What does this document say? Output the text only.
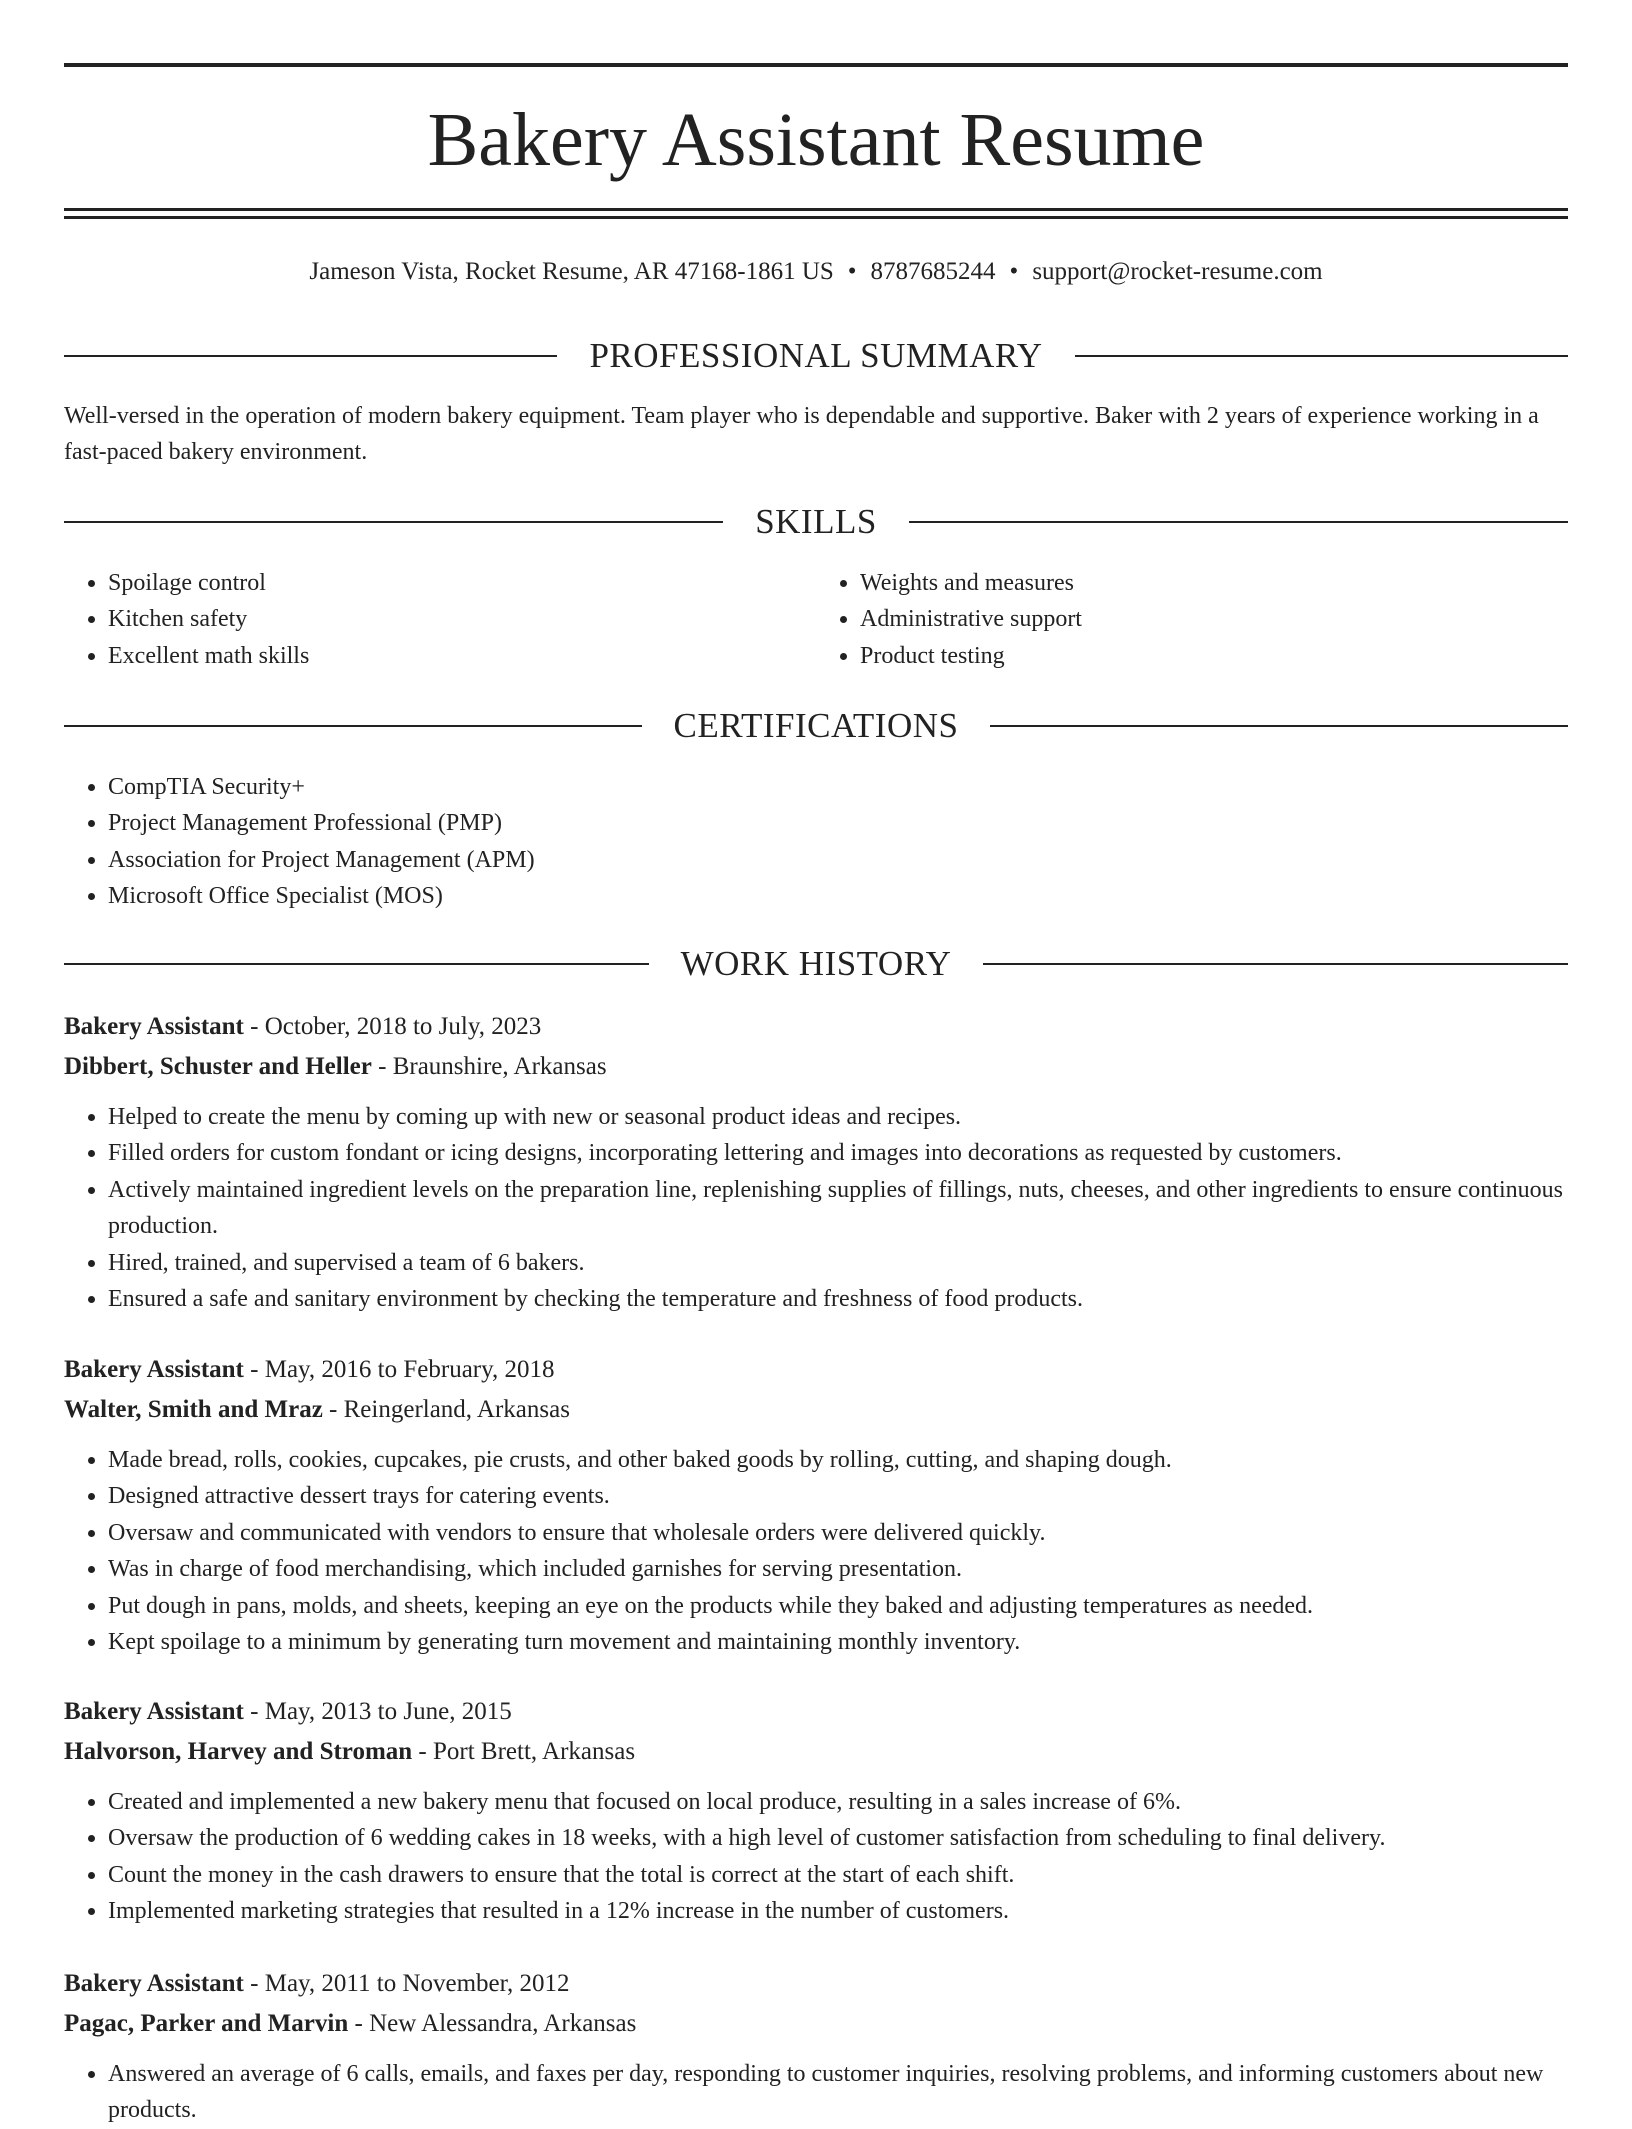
Bakery Assistant Resume
Jameson Vista, Rocket Resume, AR 47168-1861 US • 8787685244 • support@rocket-resume.com
PROFESSIONAL SUMMARY
Well-versed in the operation of modern bakery equipment. Team player who is dependable and supportive. Baker with 2 years of experience working in a fast-paced bakery environment.
SKILLS
• Spoilage control
• Kitchen safety
• Excellent math skills
• Weights and measures
• Administrative support
• Product testing
CERTIFICATIONS
• CompTIA Security+
• Project Management Professional (PMP)
• Association for Project Management (APM)
• Microsoft Office Specialist (MOS)
WORK HISTORY
Bakery Assistant - October, 2018 to July, 2023
Dibbert, Schuster and Heller - Braunshire, Arkansas
• Helped to create the menu by coming up with new or seasonal product ideas and recipes.
• Filled orders for custom fondant or icing designs, incorporating lettering and images into decorations as requested by customers.
• Actively maintained ingredient levels on the preparation line, replenishing supplies of fillings, nuts, cheeses, and other ingredients to ensure continuous production.
• Hired, trained, and supervised a team of 6 bakers.
• Ensured a safe and sanitary environment by checking the temperature and freshness of food products.
Bakery Assistant - May, 2016 to February, 2018
Walter, Smith and Mraz - Reingerland, Arkansas
• Made bread, rolls, cookies, cupcakes, pie crusts, and other baked goods by rolling, cutting, and shaping dough.
• Designed attractive dessert trays for catering events.
• Oversaw and communicated with vendors to ensure that wholesale orders were delivered quickly.
• Was in charge of food merchandising, which included garnishes for serving presentation.
• Put dough in pans, molds, and sheets, keeping an eye on the products while they baked and adjusting temperatures as needed.
• Kept spoilage to a minimum by generating turn movement and maintaining monthly inventory.
Bakery Assistant - May, 2013 to June, 2015
Halvorson, Harvey and Stroman - Port Brett, Arkansas
• Created and implemented a new bakery menu that focused on local produce, resulting in a sales increase of 6%.
• Oversaw the production of 6 wedding cakes in 18 weeks, with a high level of customer satisfaction from scheduling to final delivery.
• Count the money in the cash drawers to ensure that the total is correct at the start of each shift.
• Implemented marketing strategies that resulted in a 12% increase in the number of customers.
Bakery Assistant - May, 2011 to November, 2012
Pagac, Parker and Marvin - New Alessandra, Arkansas
• Answered an average of 6 calls, emails, and faxes per day, responding to customer inquiries, resolving problems, and informing customers about new products.
